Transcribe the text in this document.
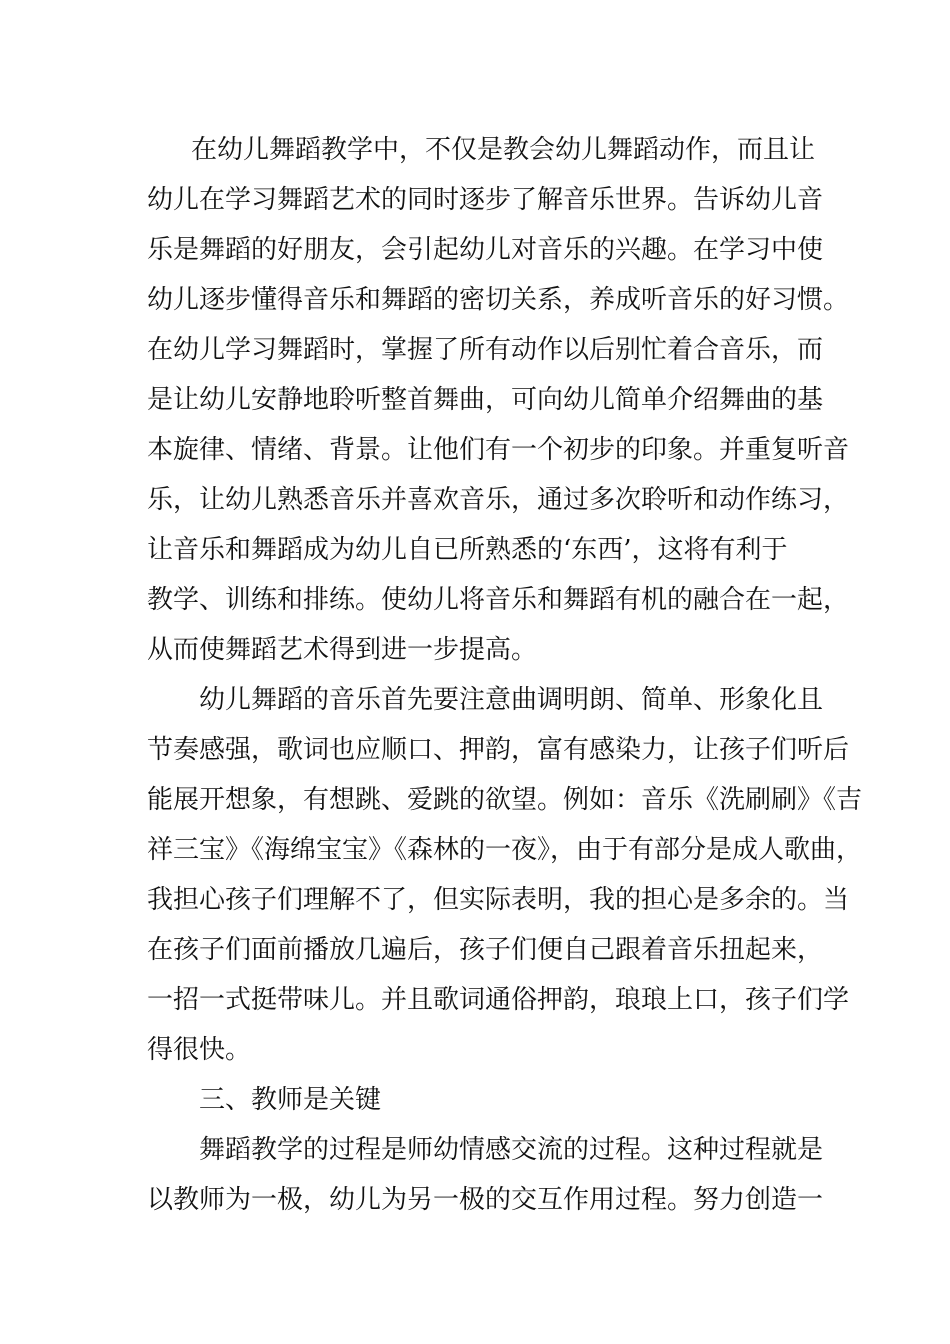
在幼儿舞蹈教学中，不仅是教会幼儿舞蹈动作，而且让
幼儿在学习舞蹈艺术的同时逐步了解音乐世界。告诉幼儿音
乐是舞蹈的好朋友，会引起幼儿对音乐的兴趣。在学习中使
幼儿逐步懂得音乐和舞蹈的密切关系，养成听音乐的好习惯。
在幼儿学习舞蹈时，掌握了所有动作以后别忙着合音乐，而
是让幼儿安静地聆听整首舞曲，可向幼儿简单介绍舞曲的基
本旋律、情绪、背景。让他们有一个初步的印象。并重复听音
乐，让幼儿熟悉音乐并喜欢音乐，通过多次聆听和动作练习，
让音乐和舞蹈成为幼儿自已所熟悉的‘东西’，这将有利于
教学、训练和排练。使幼儿将音乐和舞蹈有机的融合在一起，
从而使舞蹈艺术得到进一步提高。
幼儿舞蹈的音乐首先要注意曲调明朗、简单、形象化且
节奏感强，歌词也应顺口、押韵，富有感染力，让孩子们听后
能展开想象，有想跳、爱跳的欲望。例如：音乐《洗刷刷》《吉
祥三宝》《海绵宝宝》《森林的一夜》，由于有部分是成人歌曲，
我担心孩子们理解不了，但实际表明，我的担心是多余的。当
在孩子们面前播放几遍后，孩子们便自己跟着音乐扭起来，
一招一式挺带味儿。并且歌词通俗押韵，琅琅上口，孩子们学
得很快。
三、教师是关键
舞蹈教学的过程是师幼情感交流的过程。这种过程就是
以教师为一极，幼儿为另一极的交互作用过程。努力创造一
